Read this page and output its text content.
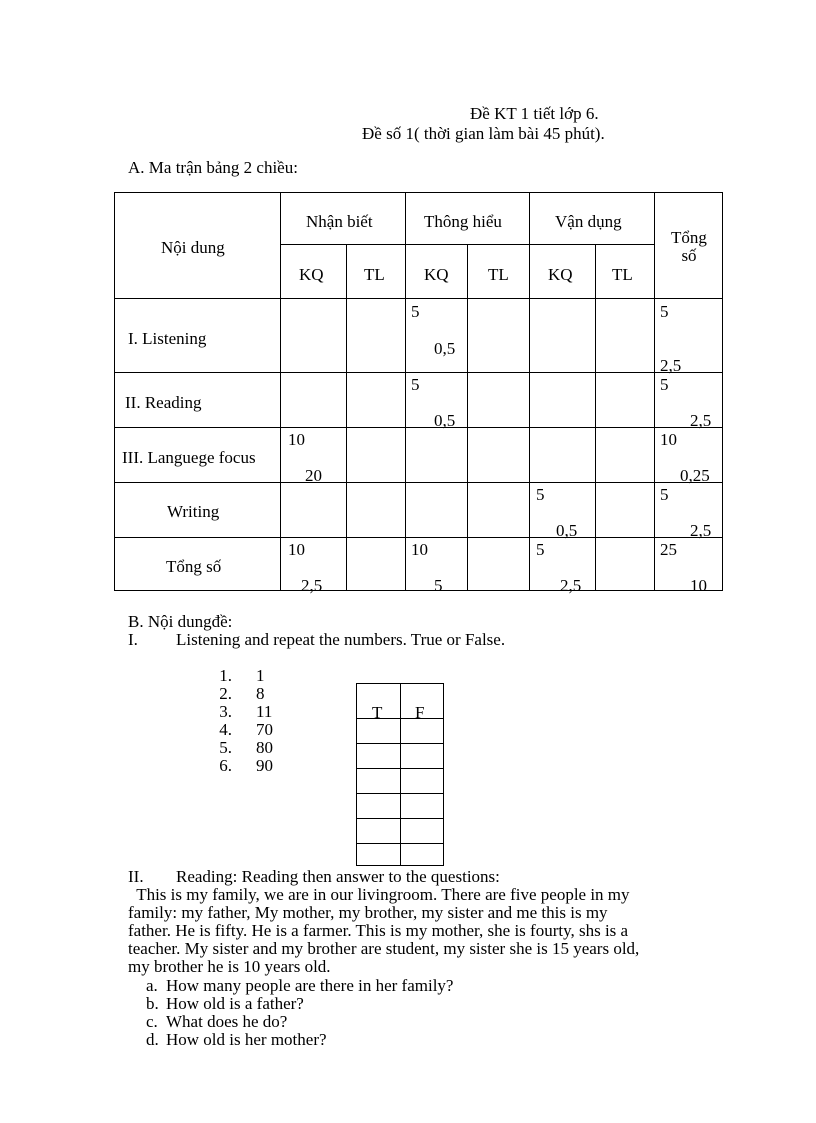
Đề KT 1 tiết lớp 6.
Đề số 1( thời gian làm bài 45 phút).
A. Ma trận bảng 2 chiều:
Nội dung
Nhận biết	Thông hiểu	Vận dụng
Tổng số
KQ TL KQ TL KQ TL
I. Listening
5
0,5
5
2,5
II. Reading
5
0,5
5
2,5
III. Languege focus
10
20
10
0,25
Writing
5
0,5
5
2,5
Tổng số
10
2,5
10
5
5
2,5
25
10
B. Nội dungđề:
I. Listening and repeat the numbers. True or False.
1. 1
2. 8
3. 11
4. 70
5. 80
6. 90
T F
II. Reading: Reading then answer to the questions:
This is my family, we are in our livingroom. There are five people in my
family: my father, My mother, my brother, my sister and me this is my
father. He is fifty. He is a farmer. This is my mother, she is fourty, shs is a
teacher. My sister and my brother are student, my sister she is 15 years old,
my brother he is 10 years old.
a. How many people are there in her family?
b. How old is a father?
c. What does he do?
d. How old is her mother?
